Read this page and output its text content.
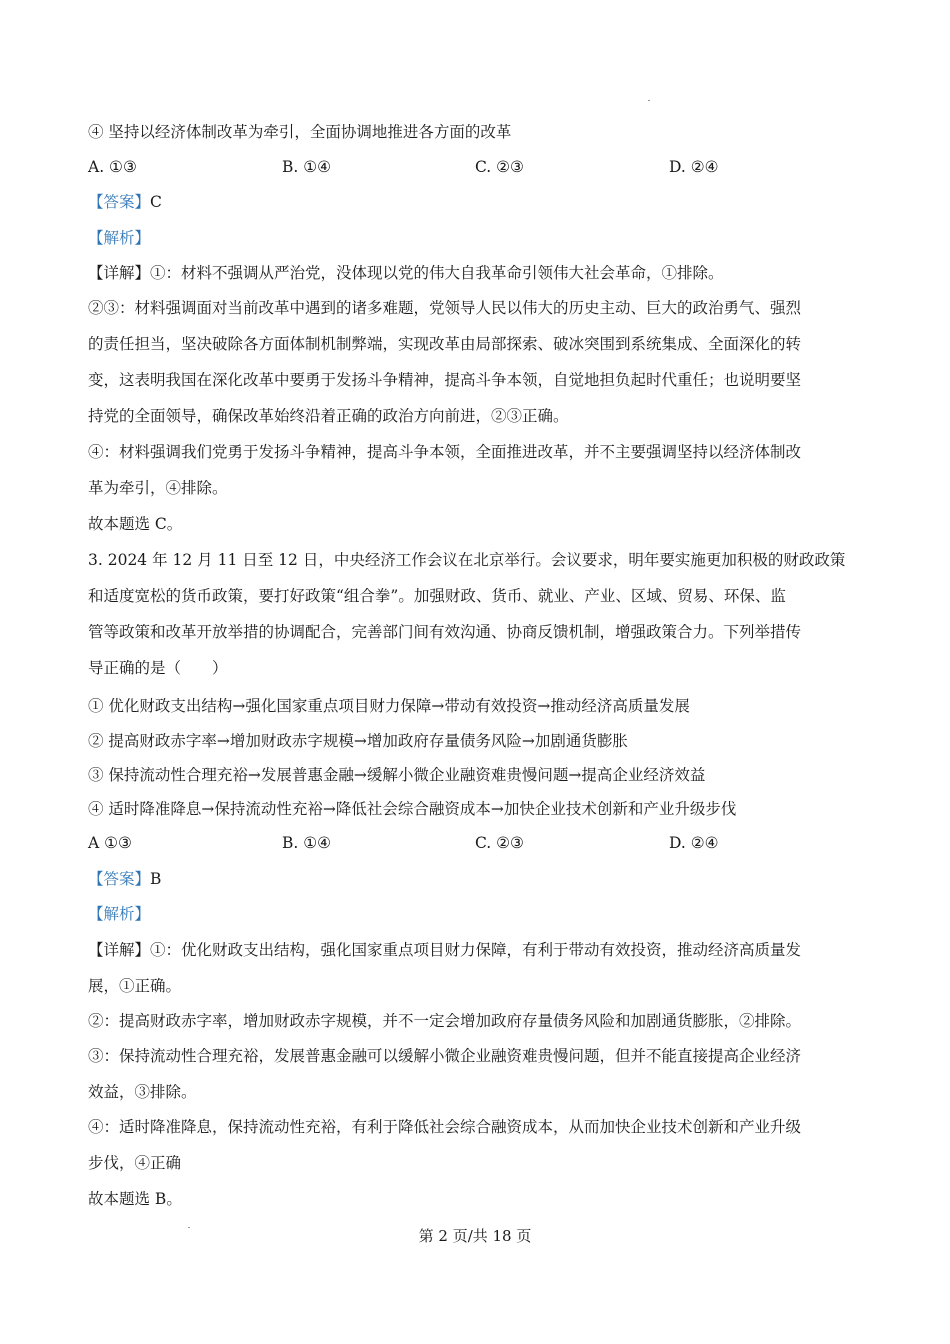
④ 坚持以经济体制改革为牵引，全面协调地推进各方面的改革
A. ①③	B. ①④	C. ②③	D. ②④
【答案】C
【解析】
【详解】①：材料不强调从严治党，没体现以党的伟大自我革命引领伟大社会革命，①排除。
②③：材料强调面对当前改革中遇到的诸多难题，党领导人民以伟大的历史主动、巨大的政治勇气、强烈
的责任担当，坚决破除各方面体制机制弊端，实现改革由局部探索、破冰突围到系统集成、全面深化的转
变，这表明我国在深化改革中要勇于发扬斗争精神，提高斗争本领，自觉地担负起时代重任；也说明要坚
持党的全面领导，确保改革始终沿着正确的政治方向前进，②③正确。
④：材料强调我们党勇于发扬斗争精神，提高斗争本领，全面推进改革，并不主要强调坚持以经济体制改
革为牵引，④排除。
故本题选 C。
3. 2024 年 12 月 11 日至 12 日，中央经济工作会议在北京举行。会议要求，明年要实施更加积极的财政政策
和适度宽松的货币政策，要打好政策“组合拳”。加强财政、货币、就业、产业、区域、贸易、环保、监
管等政策和改革开放举措的协调配合，完善部门间有效沟通、协商反馈机制，增强政策合力。下列举措传
导正确的是（　　）
① 优化财政支出结构→强化国家重点项目财力保障→带动有效投资→推动经济高质量发展
② 提高财政赤字率→增加财政赤字规模→增加政府存量债务风险→加剧通货膨胀
③ 保持流动性合理充裕→发展普惠金融→缓解小微企业融资难贵慢问题→提高企业经济效益
④ 适时降准降息→保持流动性充裕→降低社会综合融资成本→加快企业技术创新和产业升级步伐
A ①③	B. ①④	C. ②③	D. ②④
【答案】B
【解析】
【详解】①：优化财政支出结构，强化国家重点项目财力保障，有利于带动有效投资，推动经济高质量发
展，①正确。
②：提高财政赤字率，增加财政赤字规模，并不一定会增加政府存量债务风险和加剧通货膨胀，②排除。
③：保持流动性合理充裕，发展普惠金融可以缓解小微企业融资难贵慢问题，但并不能直接提高企业经济
效益，③排除。
④：适时降准降息，保持流动性充裕，有利于降低社会综合融资成本，从而加快企业技术创新和产业升级
步伐，④正确
故本题选 B。
第 2 页/共 18 页
